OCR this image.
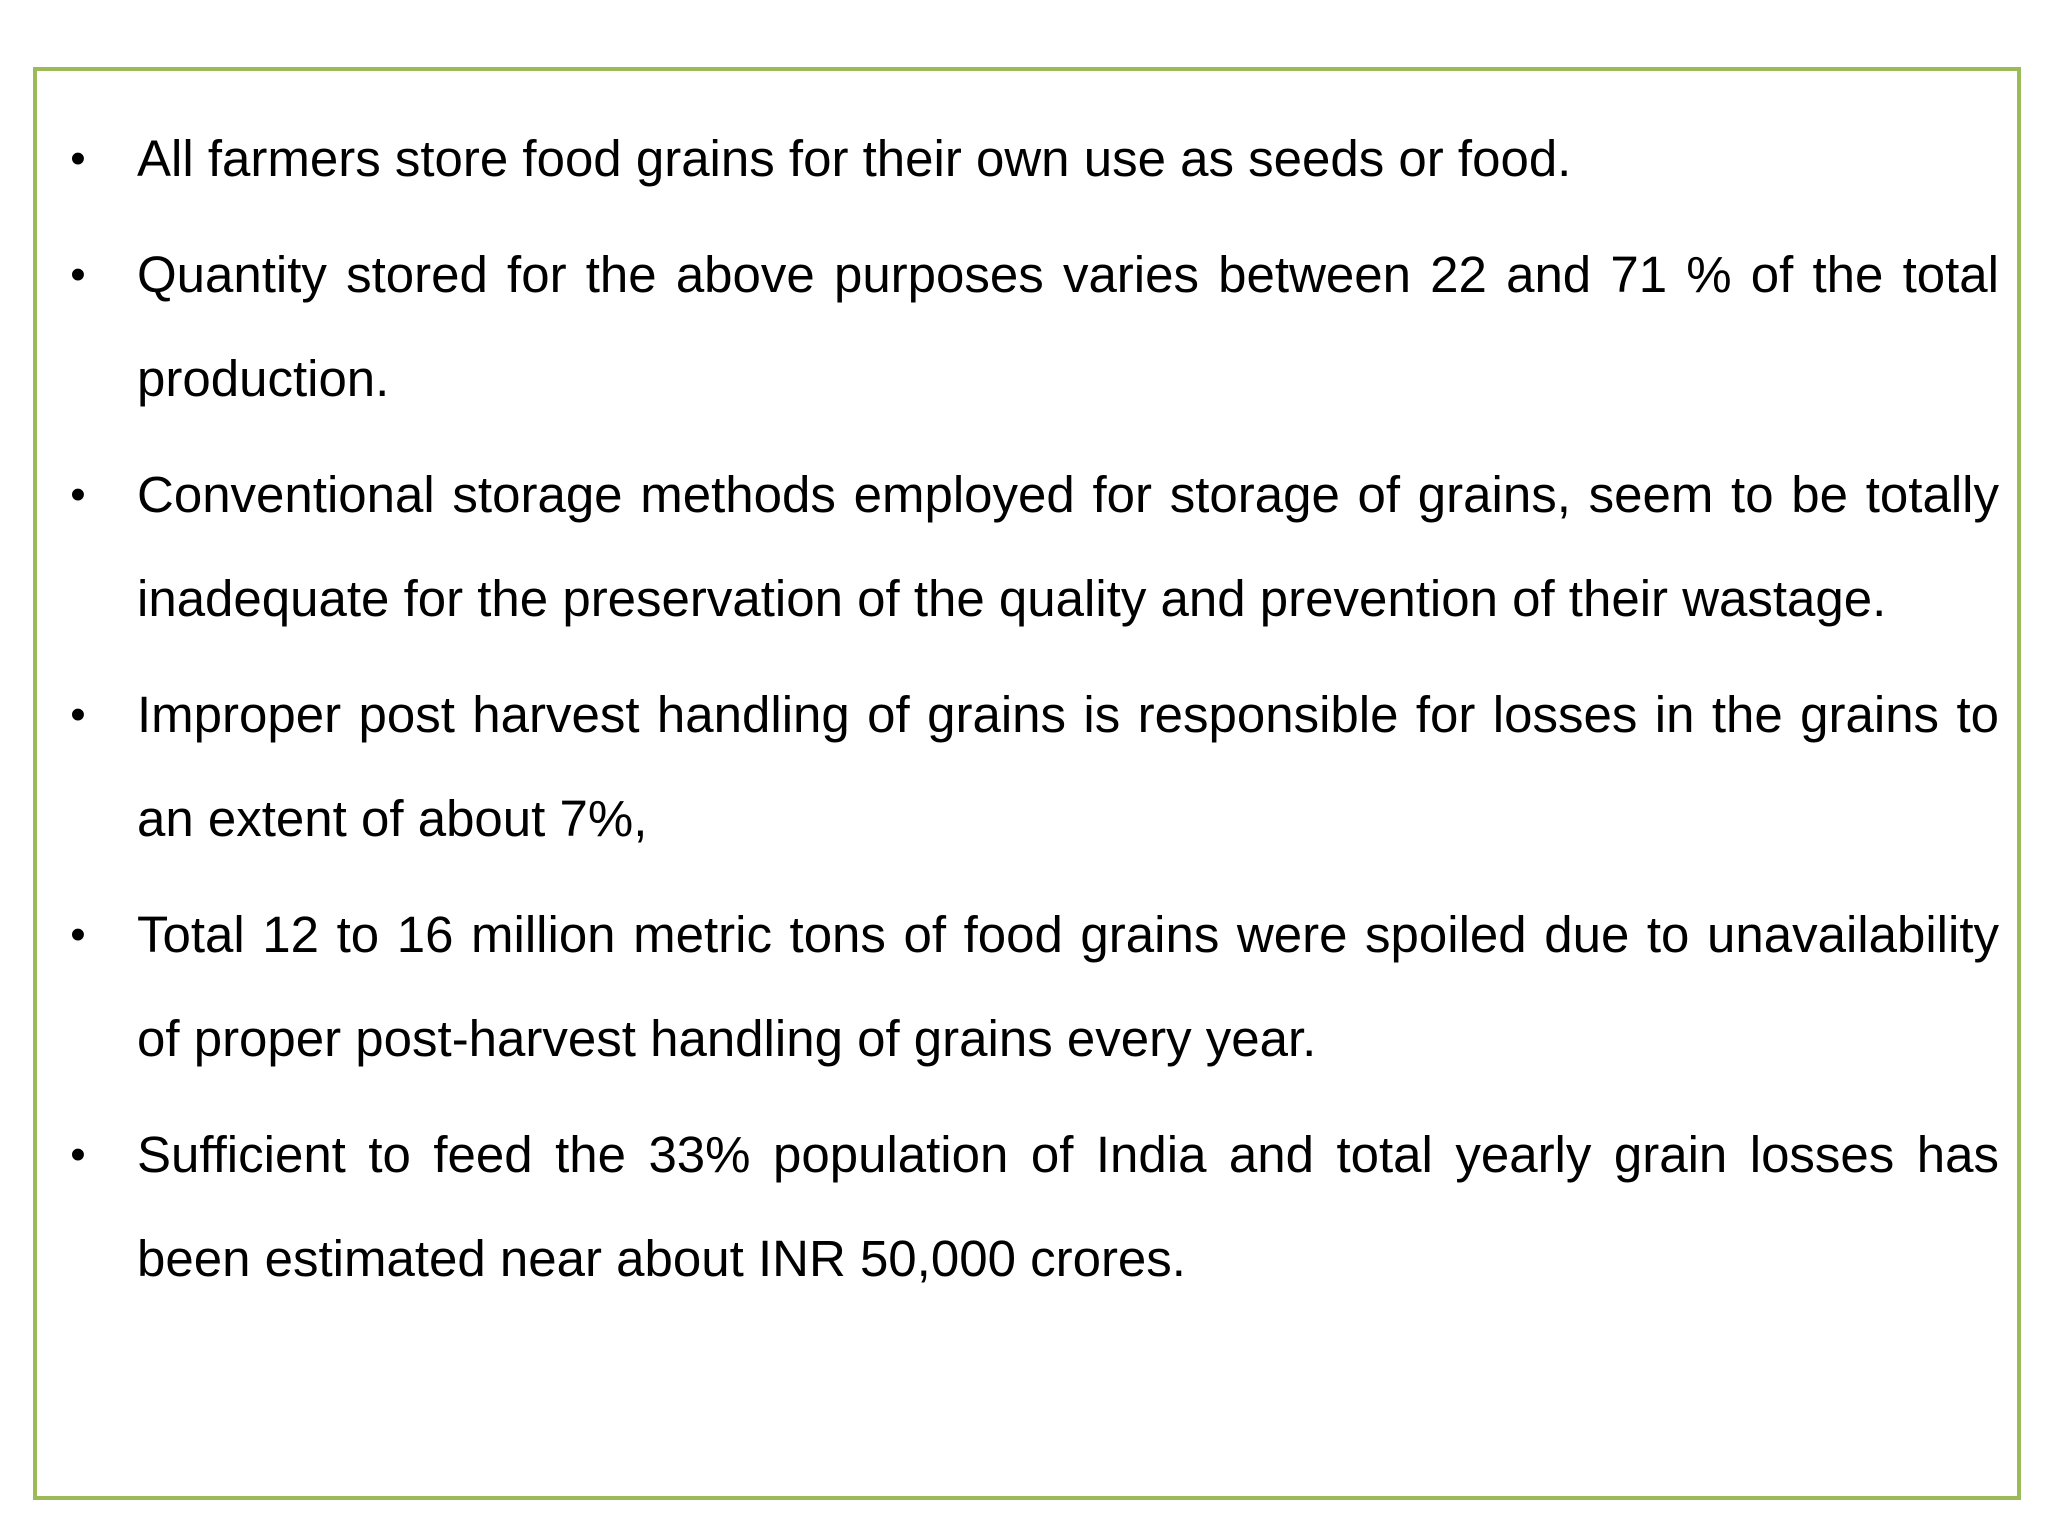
• All farmers store food grains for their own use as seeds or food.
• Quantity stored for the above purposes varies between 22 and 71 % of the total production.
• Conventional storage methods employed for storage of grains, seem to be totally inadequate for the preservation of the quality and prevention of their wastage.
• Improper post harvest handling of grains is responsible for losses in the grains to an extent of about 7%,
• Total 12 to 16 million metric tons of food grains were spoiled due to unavailability of proper post-harvest handling of grains every year.
• Sufficient to feed the 33% population of India and total yearly grain losses has been estimated near about INR 50,000 crores.
